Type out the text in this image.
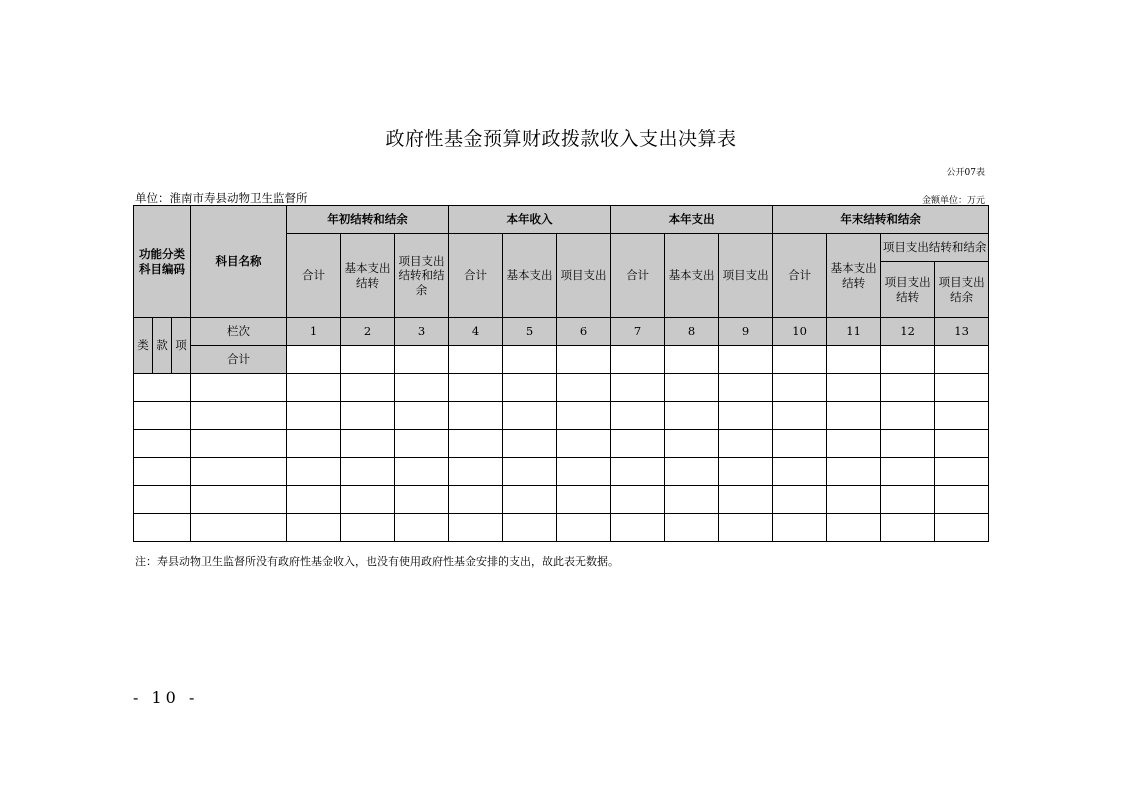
政府性基金预算财政拨款收入支出决算表
公开07表
单位：淮南市寿县动物卫生监督所	金额单位：万元
功能分类科目编码			科目名称	年初结转和结余			本年收入			本年支出			年末结转和结余			
				合计	基本支出结转	项目支出结转和结余	合计	基本支出	项目支出	合计	基本支出	项目支出	合计	基本支出结转	项目支出结转和结余	
															项目支出结转	项目支出结余
类	款	项	栏次	1	2	3	4	5	6	7	8	9	10	11	12	13
			合计													

注：寿县动物卫生监督所没有政府性基金收入，也没有使用政府性基金安排的支出，故此表无数据。
- 10 -
